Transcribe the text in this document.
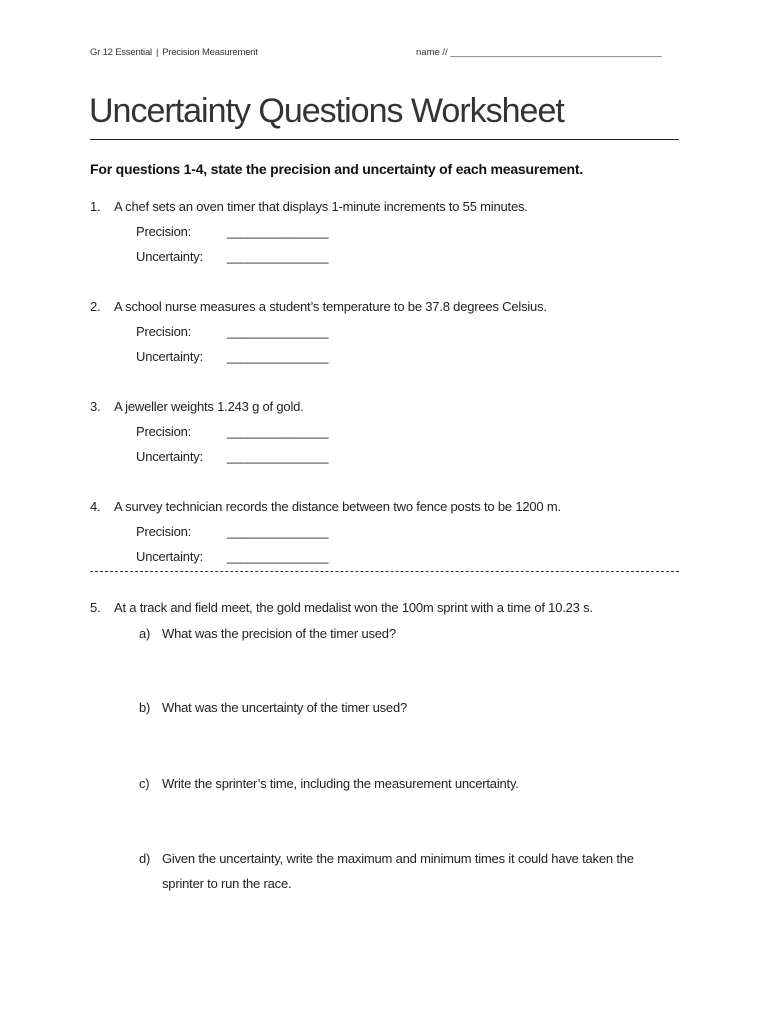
Gr 12 Essential | Precision Measurement	name // ________________________________________
Uncertainty Questions Worksheet
For questions 1-4, state the precision and uncertainty of each measurement.
1. A chef sets an oven timer that displays 1-minute increments to 55 minutes.
Precision:	_______________
Uncertainty: _______________
2. A school nurse measures a student’s temperature to be 37.8 degrees Celsius.
Precision:	_______________
Uncertainty: _______________
3. A jeweller weights 1.243 g of gold.
Precision:	_______________
Uncertainty: _______________
4. A survey technician records the distance between two fence posts to be 1200 m.
Precision:	_______________
Uncertainty: _______________
5. At a track and field meet, the gold medalist won the 100m sprint with a time of 10.23 s.
a) What was the precision of the timer used?
b) What was the uncertainty of the timer used?
c) Write the sprinter’s time, including the measurement uncertainty.
d) Given the uncertainty, write the maximum and minimum times it could have taken the
sprinter to run the race.
